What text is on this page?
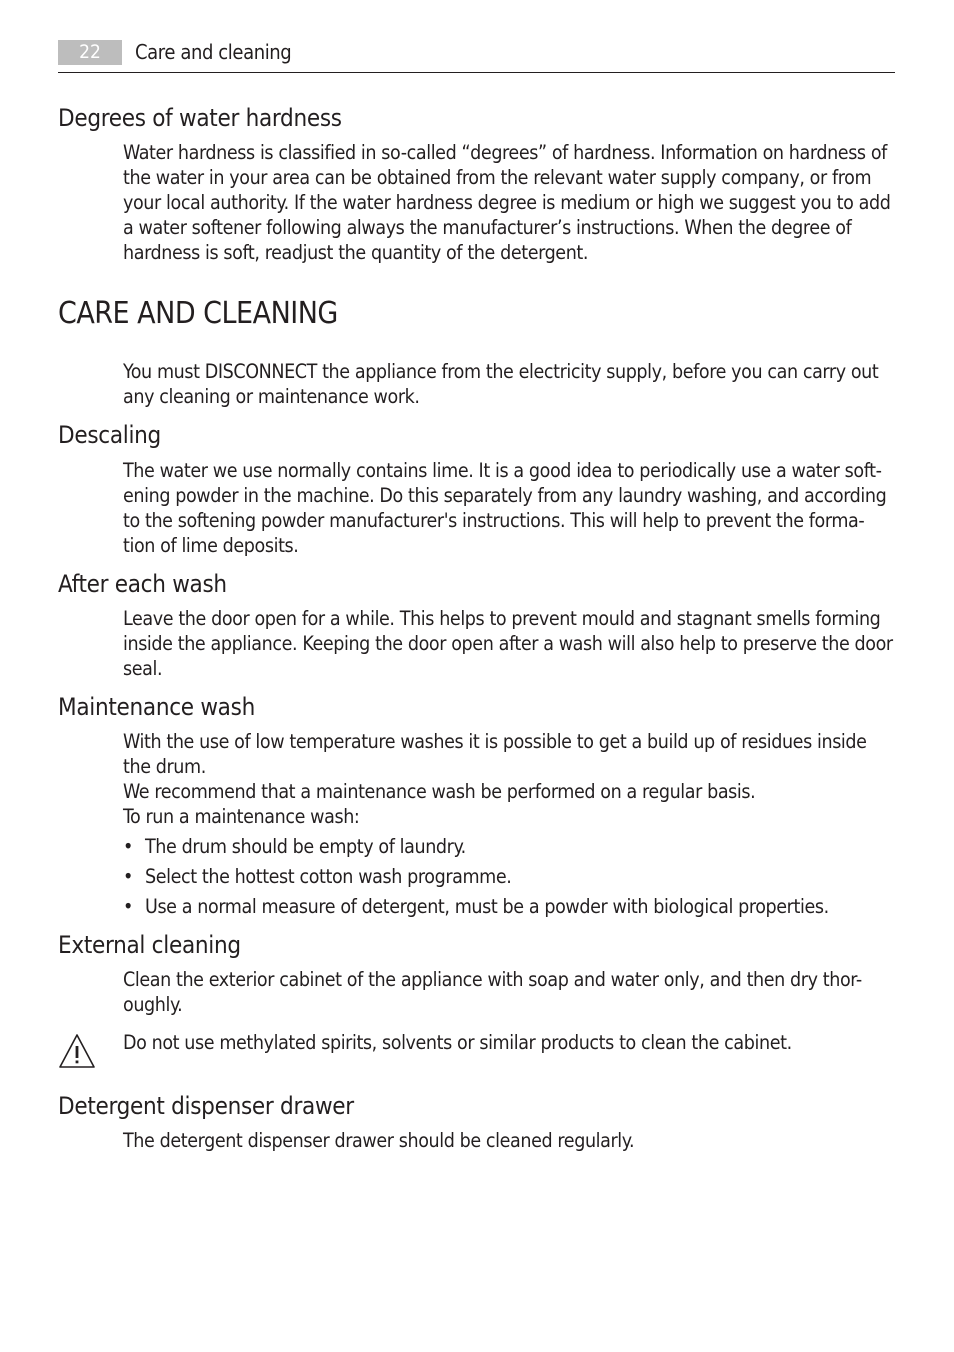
22	Care and cleaning
Degrees of water hardness
Water hardness is classified in so-called “degrees” of hardness. Information on hardness of
the water in your area can be obtained from the relevant water supply company, or from
your local authority. If the water hardness degree is medium or high we suggest you to add
a water softener following always the manufacturer’s instructions. When the degree of
hardness is soft, readjust the quantity of the detergent.
CARE AND CLEANING
You must DISCONNECT the appliance from the electricity supply, before you can carry out
any cleaning or maintenance work.
Descaling
The water we use normally contains lime. It is a good idea to periodically use a water soft-
ening powder in the machine. Do this separately from any laundry washing, and according
to the softening powder manufacturer's instructions. This will help to prevent the forma-
tion of lime deposits.
After each wash
Leave the door open for a while. This helps to prevent mould and stagnant smells forming
inside the appliance. Keeping the door open after a wash will also help to preserve the door
seal.
Maintenance wash
With the use of low temperature washes it is possible to get a build up of residues inside
the drum.
We recommend that a maintenance wash be performed on a regular basis.
To run a maintenance wash:
• The drum should be empty of laundry.
• Select the hottest cotton wash programme.
• Use a normal measure of detergent, must be a powder with biological properties.
External cleaning
Clean the exterior cabinet of the appliance with soap and water only, and then dry thor-
oughly.
Do not use methylated spirits, solvents or similar products to clean the cabinet.
Detergent dispenser drawer
The detergent dispenser drawer should be cleaned regularly.
